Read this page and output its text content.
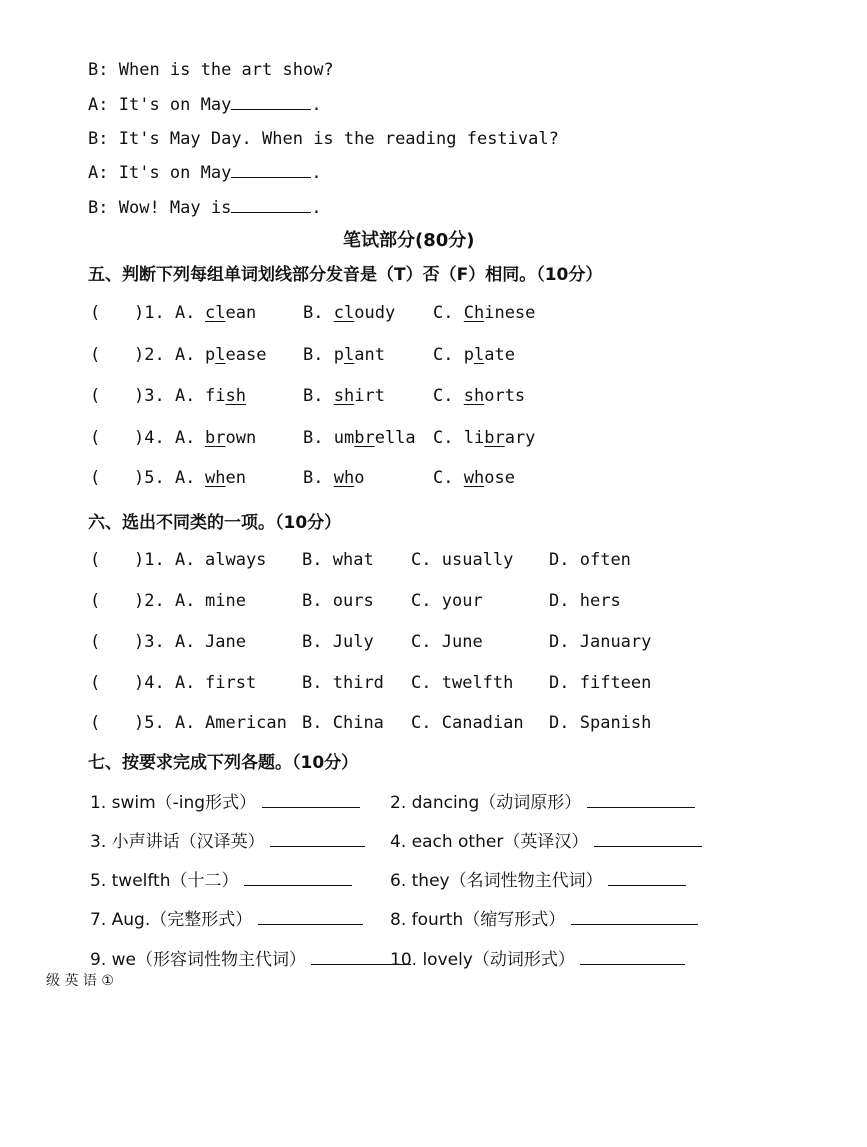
B: When is the art show?
A: It's on May	.
B: It's May Day. When is the reading festival?
A: It's on May	.
B: Wow! May is	.
笔试部分(80分)
五、判断下列每组单词划线部分发音是（T）否（F）相同。（10分）
( )1. A. clean	B. cloudy C. Chinese
( )2. A. please B. plant	C. plate
( )3. A. fish	B. shirt	C. shorts
( )4. A. brown	B. umbrella C. library
( )5. A. when	B. who	C. whose
六、选出不同类的一项。（10分）
( )1. A. always B. what C. usually D. often
( )2. A. mine	B. ours C. your	D. hers
( )3. A. Jane	B. July C. June	D. January
( )4. A. first	B. third C. twelfth D. fifteen
( )5. A. American B. China C. Canadian D. Spanish
七、按要求完成下列各题。（10分）
1. swim（-ing形式）	2. dancing（动词原形）
3. 小声讲话（汉译英）	4. each other（英译汉）
5. twelfth（十二）	6. they（名词性物主代词）
7. Aug.（完整形式）	8. fourth（缩写形式）
9. we（形容词性物主代词）	10. lovely（动词形式）
级 英 语 ①
